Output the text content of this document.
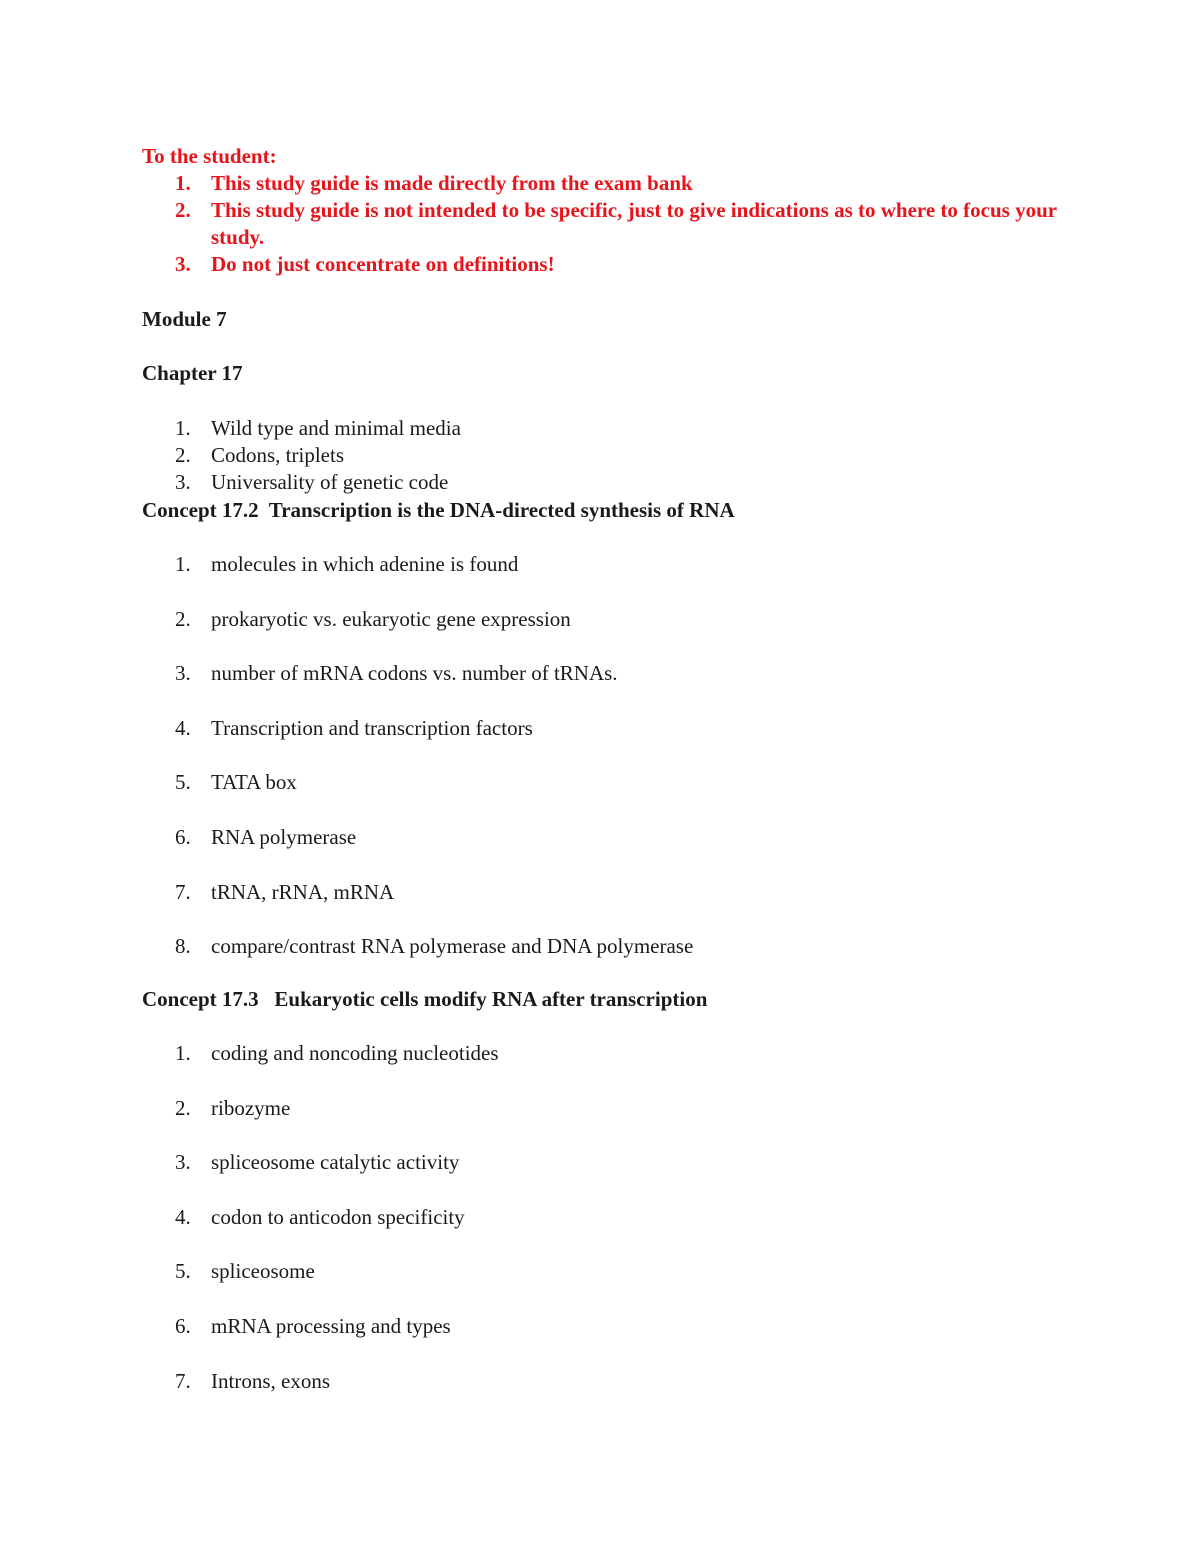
To the student:

1. This study guide is made directly from the exam bank
2. This study guide is not intended to be specific, just to give indications as to where to focus your study.
3. Do not just concentrate on definitions!

Module 7

Chapter 17

1. Wild type and minimal media
2. Codons, triplets
3. Universality of genetic code

Concept 17.2  Transcription is the DNA-directed synthesis of RNA

1. molecules in which adenine is found
2. prokaryotic vs. eukaryotic gene expression
3. number of mRNA codons vs. number of tRNAs.
4. Transcription and transcription factors
5. TATA box
6. RNA polymerase
7. tRNA, rRNA, mRNA
8. compare/contrast RNA polymerase and DNA polymerase

Concept 17.3   Eukaryotic cells modify RNA after transcription

1. coding and noncoding nucleotides
2. ribozyme
3. spliceosome catalytic activity
4. codon to anticodon specificity
5. spliceosome
6. mRNA processing and types
7. Introns, exons
